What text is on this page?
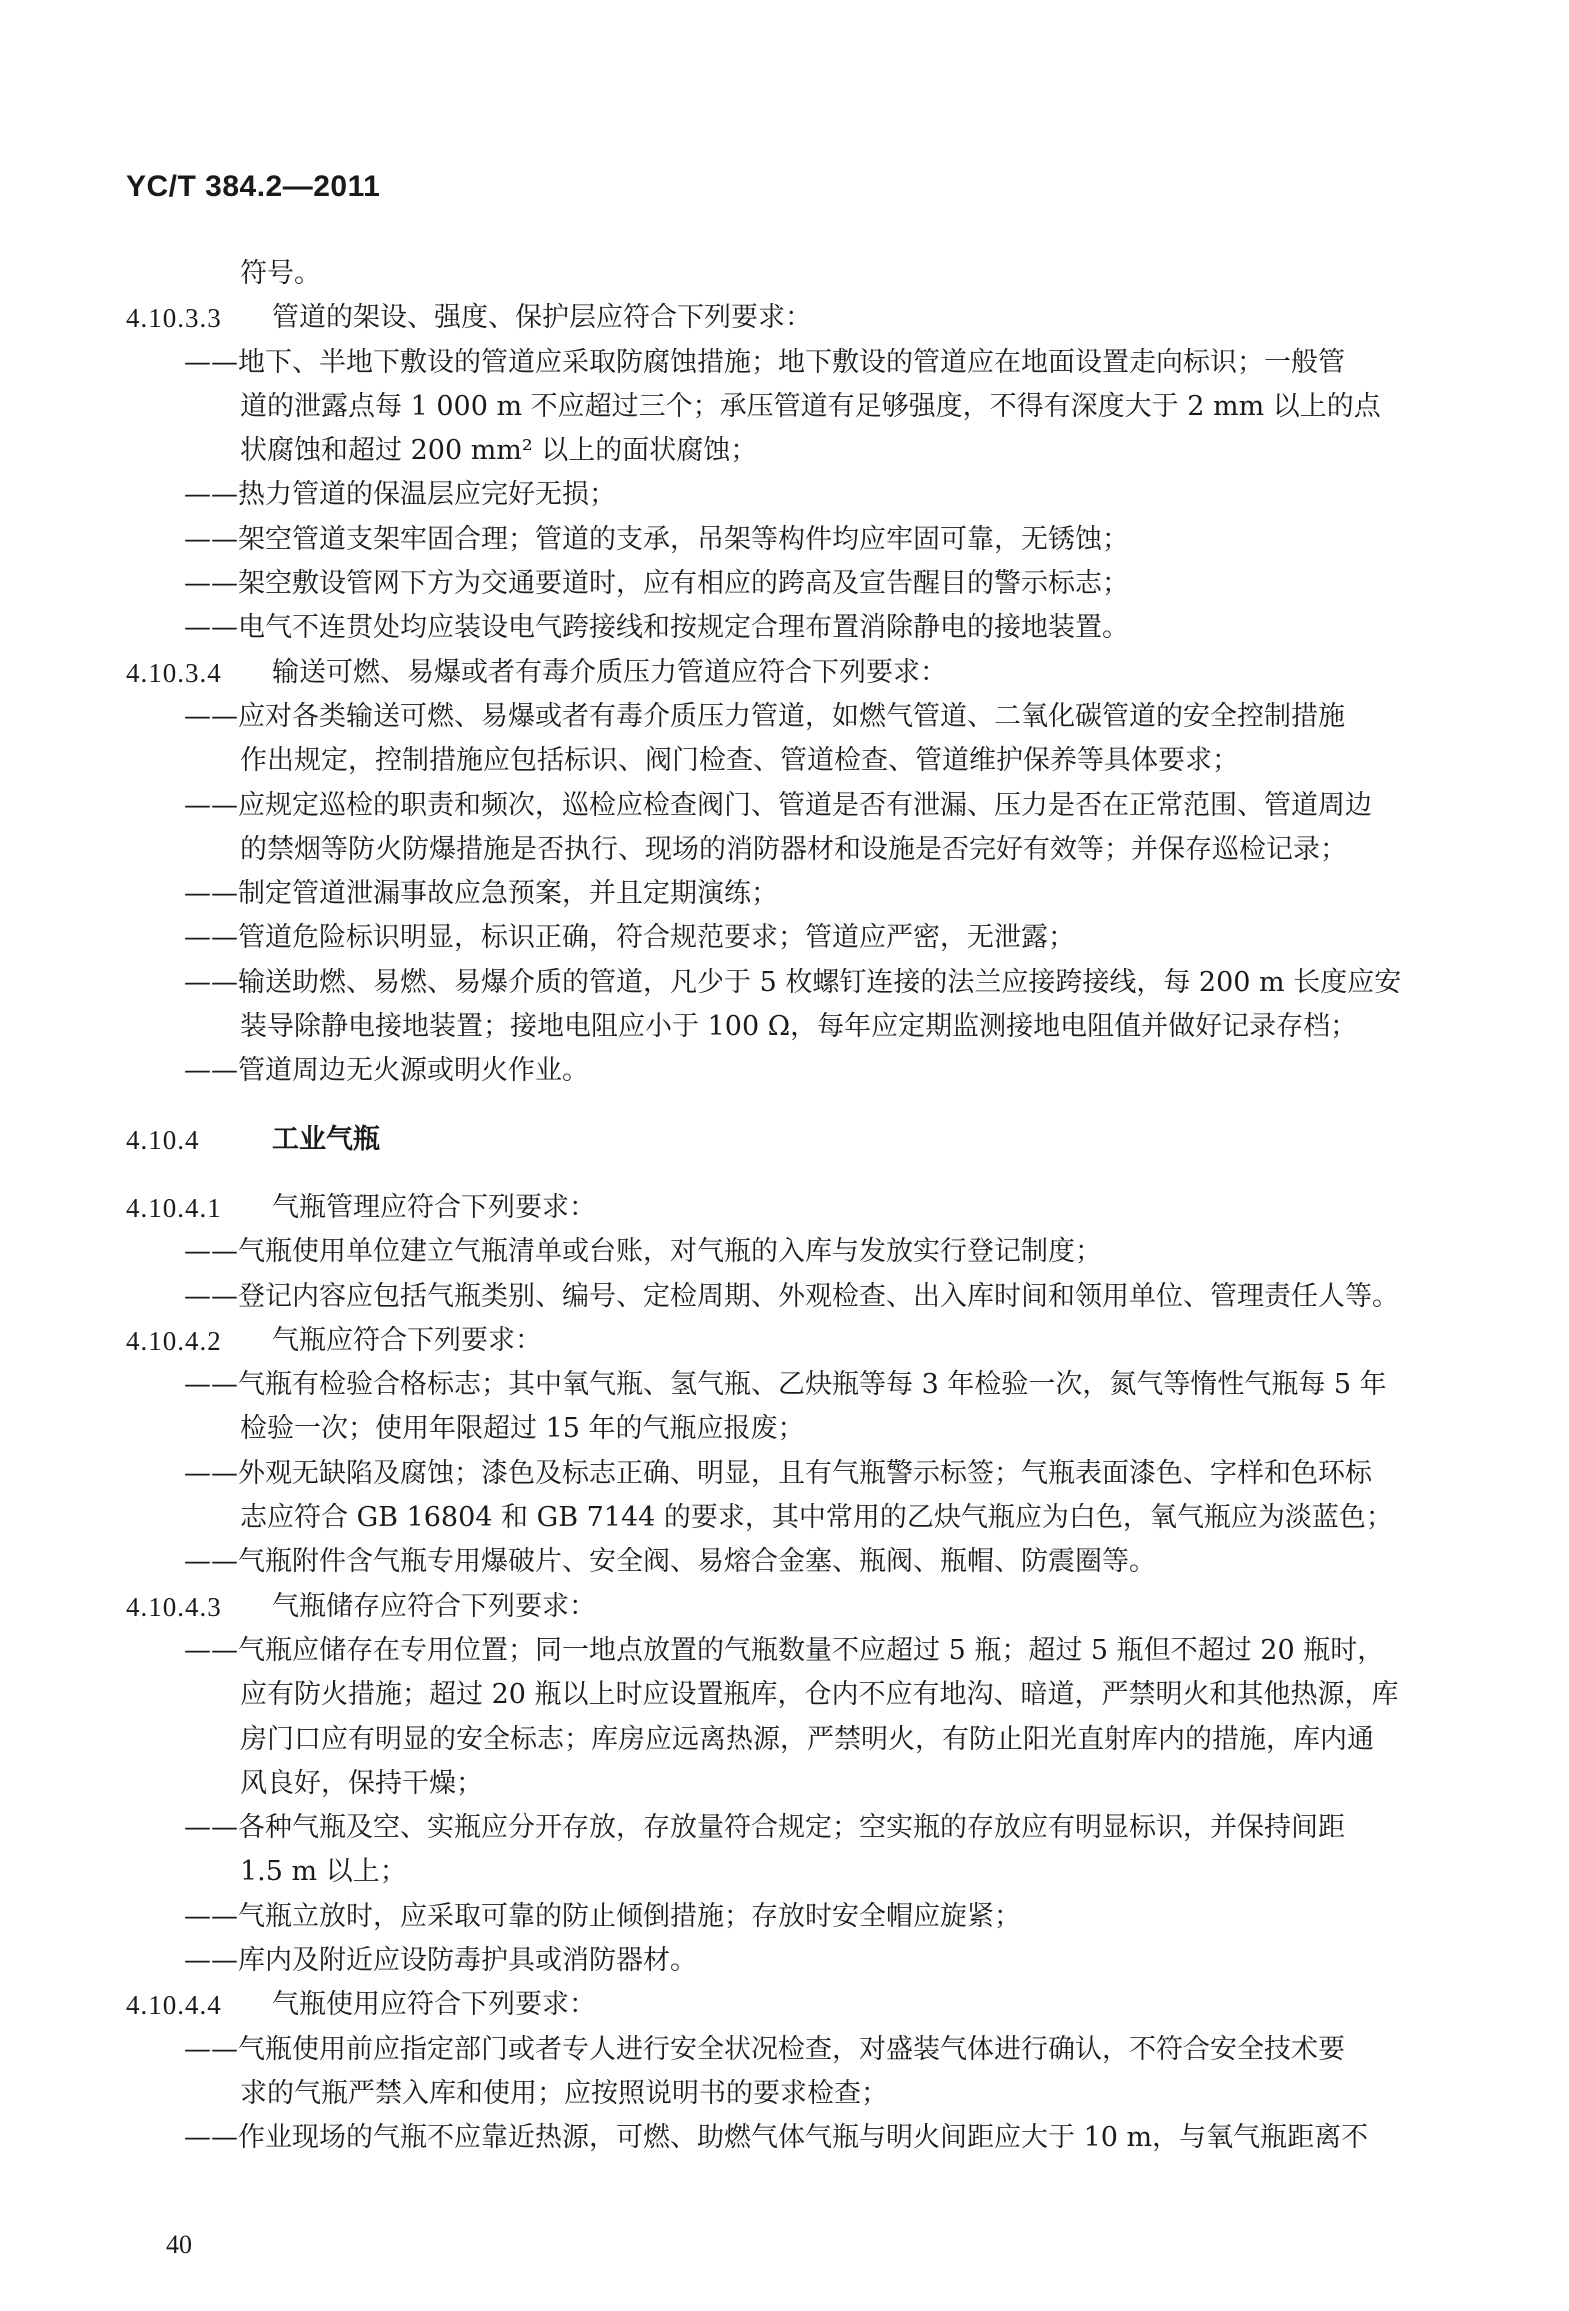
YC/T 384.2—2011
符号。
4.10.3.3	管道的架设、强度、保护层应符合下列要求：
——地下、半地下敷设的管道应采取防腐蚀措施；地下敷设的管道应在地面设置走向标识；一般管
道的泄露点每 1 000 m 不应超过三个；承压管道有足够强度，不得有深度大于 2 mm 以上的点
状腐蚀和超过 200 mm² 以上的面状腐蚀；
——热力管道的保温层应完好无损；
——架空管道支架牢固合理；管道的支承，吊架等构件均应牢固可靠，无锈蚀；
——架空敷设管网下方为交通要道时，应有相应的跨高及宣告醒目的警示标志；
——电气不连贯处均应装设电气跨接线和按规定合理布置消除静电的接地装置。
4.10.3.4	输送可燃、易爆或者有毒介质压力管道应符合下列要求：
——应对各类输送可燃、易爆或者有毒介质压力管道，如燃气管道、二氧化碳管道的安全控制措施
作出规定，控制措施应包括标识、阀门检查、管道检查、管道维护保养等具体要求；
——应规定巡检的职责和频次，巡检应检查阀门、管道是否有泄漏、压力是否在正常范围、管道周边
的禁烟等防火防爆措施是否执行、现场的消防器材和设施是否完好有效等；并保存巡检记录；
——制定管道泄漏事故应急预案，并且定期演练；
——管道危险标识明显，标识正确，符合规范要求；管道应严密，无泄露；
——输送助燃、易燃、易爆介质的管道，凡少于 5 枚螺钉连接的法兰应接跨接线，每 200 m 长度应安
装导除静电接地装置；接地电阻应小于 100 Ω，每年应定期监测接地电阻值并做好记录存档；
——管道周边无火源或明火作业。
4.10.4	工业气瓶
4.10.4.1	气瓶管理应符合下列要求：
——气瓶使用单位建立气瓶清单或台账，对气瓶的入库与发放实行登记制度；
——登记内容应包括气瓶类别、编号、定检周期、外观检查、出入库时间和领用单位、管理责任人等。
4.10.4.2	气瓶应符合下列要求：
——气瓶有检验合格标志；其中氧气瓶、氢气瓶、乙炔瓶等每 3 年检验一次，氮气等惰性气瓶每 5 年
检验一次；使用年限超过 15 年的气瓶应报废；
——外观无缺陷及腐蚀；漆色及标志正确、明显，且有气瓶警示标签；气瓶表面漆色、字样和色环标
志应符合 GB 16804 和 GB 7144 的要求，其中常用的乙炔气瓶应为白色，氧气瓶应为淡蓝色；
——气瓶附件含气瓶专用爆破片、安全阀、易熔合金塞、瓶阀、瓶帽、防震圈等。
4.10.4.3	气瓶储存应符合下列要求：
——气瓶应储存在专用位置；同一地点放置的气瓶数量不应超过 5 瓶；超过 5 瓶但不超过 20 瓶时，
应有防火措施；超过 20 瓶以上时应设置瓶库，仓内不应有地沟、暗道，严禁明火和其他热源，库
房门口应有明显的安全标志；库房应远离热源，严禁明火，有防止阳光直射库内的措施，库内通
风良好，保持干燥；
——各种气瓶及空、实瓶应分开存放，存放量符合规定；空实瓶的存放应有明显标识，并保持间距
1.5 m 以上；
——气瓶立放时，应采取可靠的防止倾倒措施；存放时安全帽应旋紧；
——库内及附近应设防毒护具或消防器材。
4.10.4.4	气瓶使用应符合下列要求：
——气瓶使用前应指定部门或者专人进行安全状况检查，对盛装气体进行确认，不符合安全技术要
求的气瓶严禁入库和使用；应按照说明书的要求检查；
——作业现场的气瓶不应靠近热源，可燃、助燃气体气瓶与明火间距应大于 10 m，与氧气瓶距离不
40
